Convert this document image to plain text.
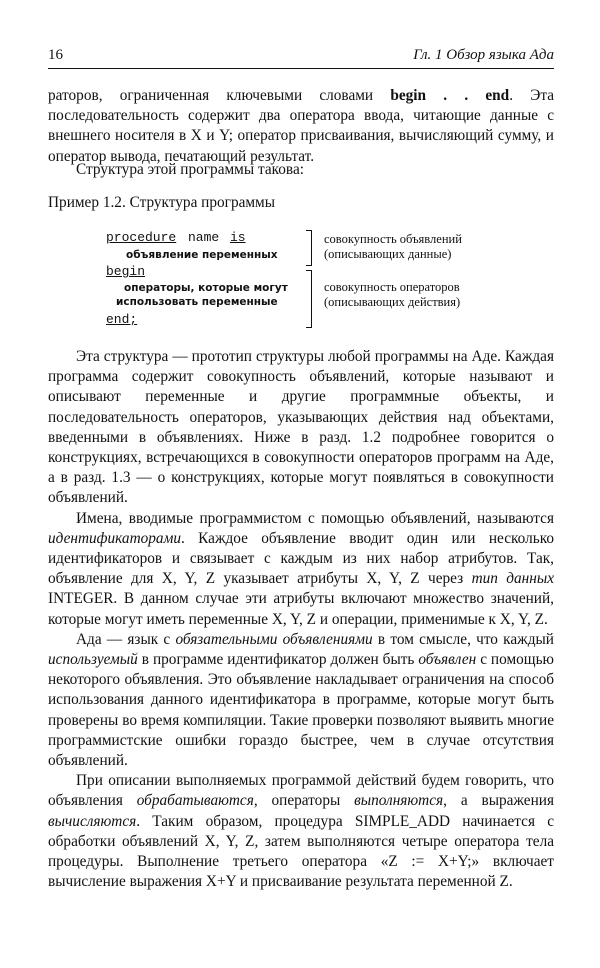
16	Гл. 1 Обзор языка Ада
раторов, ограниченная ключевыми словами begin . . end. Эта последовательность содержит два оператора ввода, читающие данные с внешнего носителя в X и Y; оператор присваивания, вычисляющий сумму, и оператор вывода, печатающий результат.
Структура этой программы такова:
Пример 1.2. Структура программы
procedure name is
объявление переменных
begin
операторы, которые могут
использовать переменные
end;
совокупность объявлений
(описывающих данные)
совокупность операторов
(описывающих действия)

Эта структура — прототип структуры любой программы на Аде. Каждая программа содержит совокупность объявлений, которые называют и описывают переменные и другие программные объекты, и последовательность операторов, указывающих действия над объектами, введенными в объявлениях. Ниже в разд. 1.2 подробнее говорится о конструкциях, встречающихся в совокупности операторов программ на Аде, а в разд. 1.3 — о конструкциях, которые могут появляться в совокупности объявлений.

Имена, вводимые программистом с помощью объявлений, называются идентификаторами. Каждое объявление вводит один или несколько идентификаторов и связывает с каждым из них набор атрибутов. Так, объявление для X, Y, Z указывает атрибуты X, Y, Z через тип данных INTEGER. В данном случае эти атрибуты включают множество значений, которые могут иметь переменные X, Y, Z и операции, применимые к X, Y, Z.

Ада — язык с обязательными объявлениями в том смысле, что каждый используемый в программе идентификатор должен быть объявлен с помощью некоторого объявления. Это объявление накладывает ограничения на способ использования данного идентификатора в программе, которые могут быть проверены во время компиляции. Такие проверки позволяют выявить многие программистские ошибки гораздо быстрее, чем в случае отсутствия объявлений.

При описании выполняемых программой действий будем говорить, что объявления обрабатываются, операторы выполняются, а выражения вычисляются. Таким образом, процедура SIMPLE_ADD начинается с обработки объявлений X, Y, Z, затем выполняются четыре оператора тела процедуры. Выполнение третьего оператора «Z := X+Y;» включает вычисление выражения X+Y и присваивание результата переменной Z.
